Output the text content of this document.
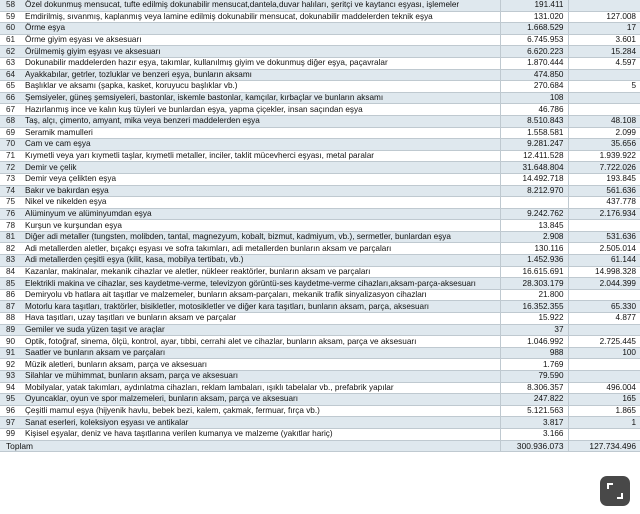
58	Özel dokunmuş mensucat, tufte edilmiş dokunabilir mensucat,dantela,duvar halıları, şeritçi ve kaytancı eşyası, işlemeler	191.411	
59	Emdirilmiş, sıvanmış, kaplanmış veya lamine edilmiş dokunabilir mensucat, dokunabilir maddelerden teknik eşya	131.020	127.008
60	Örme eşya	1.668.529	17
61	Örme giyim eşyası ve aksesuarı	6.745.953	3.601
62	Örülmemiş giyim eşyası ve aksesuarı	6.620.223	15.284
63	Dokunabilir maddelerden hazır eşya, takımlar, kullanılmış giyim ve dokunmuş diğer eşya, paçavralar	1.870.444	4.597
64	Ayakkabılar, getrler, tozluklar ve benzeri eşya, bunların aksamı	474.850	
65	Başlıklar ve aksamı (şapka, kasket, koruyucu başlıklar vb.)	270.684	5
66	Şemsiyeler, güneş şemsiyeleri, bastonlar, iskemle bastonlar, kamçılar, kırbaçlar ve bunların aksamı	108	
67	Hazırlanmış ince ve kalın kuş tüyleri ve bunlardan eşya, yapma çiçekler, insan saçından eşya	46.786	
68	Taş, alçı, çimento, amyant, mika veya benzeri maddelerden eşya	8.510.843	48.108
69	Seramik mamulleri	1.558.581	2.099
70	Cam ve cam eşya	9.281.247	35.656
71	Kıymetli veya yarı kıymetli taşlar, kıymetli metaller, inciler, taklit mücevherci eşyası, metal paralar	12.411.528	1.939.922
72	Demir ve çelik	31.648.804	7.722.026
73	Demir veya çelikten eşya	14.492.718	193.845
74	Bakır ve bakırdan eşya	8.212.970	561.636
75	Nikel ve nikelden eşya		437.778
76	Alüminyum ve alüminyumdan eşya	9.242.762	2.176.934
78	Kurşun ve kurşundan eşya	13.845	
81	Diğer adi metaller (tungsten, molibden, tantal, magnezyum, kobalt, bizmut, kadmiyum, vb.), sermetler, bunlardan eşya	2.908	531.636
82	Adi metallerden aletler, bıçakçı eşyası ve sofra takımları, adi metallerden bunların aksam ve parçaları	130.116	2.505.014
83	Adi metallerden çeşitli eşya (kilit, kasa, mobilya tertibatı, vb.)	1.452.936	61.144
84	Kazanlar, makinalar, mekanik cihazlar ve aletler, nükleer reaktörler, bunların aksam ve parçaları	16.615.691	14.998.328
85	Elektrikli makina ve cihazlar, ses kaydetme-verme, televizyon görüntü-ses kaydetme-verme cihazları,aksam-parça-aksesuarı	28.303.179	2.044.399
86	Demiryolu vb hatlara ait taşıtlar ve malzemeler, bunların aksam-parçaları, mekanik trafik sinyalizasyon cihazları	21.800	
87	Motorlu kara taşıtları, traktörler, bisikletler, motosikletler ve diğer kara taşıtları, bunların aksam, parça, aksesuarı	16.352.355	65.330
88	Hava taşıtları, uzay taşıtları ve bunların aksam ve parçalar	15.922	4.877
89	Gemiler ve suda yüzen taşıt ve araçlar	37	
90	Optik, fotoğraf, sinema, ölçü, kontrol, ayar, tıbbi, cerrahi alet ve cihazlar, bunların aksam, parça ve aksesuarı	1.046.992	2.725.445
91	Saatler ve bunların aksam ve parçaları	988	100
92	Müzik aletleri, bunların aksam, parça ve aksesuarı	1.769	
93	Silahlar ve mühimmat, bunların aksam, parça ve aksesuarı	79.590	
94	Mobilyalar, yatak takımları, aydınlatma cihazları, reklam lambaları, ışıklı tabelalar vb., prefabrik yapılar	8.306.357	496.004
95	Oyuncaklar, oyun ve spor malzemeleri, bunların aksam, parça ve aksesuarı	247.822	165
96	Çeşitli mamul eşya (hijyenik havlu, bebek bezi, kalem, çakmak, fermuar, fırça vb.)	5.121.563	1.865
97	Sanat eserleri, koleksiyon eşyası ve antikalar	3.817	1
99	Kişisel eşyalar, deniz ve hava taşıtlarına verilen kumanya ve malzeme (yakıtlar hariç)	3.166	
Toplam		300.936.073	127.734.496
